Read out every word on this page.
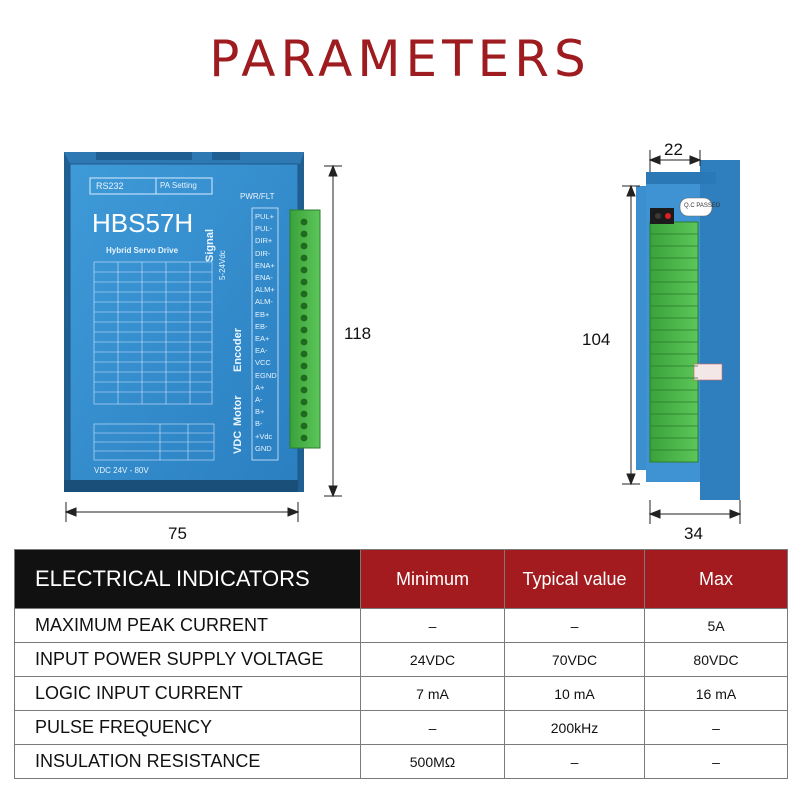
PARAMETERS
RS232	PA Setting
PWR/FLT
HBS57H
Hybrid Servo Drive
VDC 24V - 80V
Signal
5-24Vdc
Encoder
Motor
VDC
Q.C PASSED
PUL+
PUL-
DIR+
DIR-
ENA+
ENA-
ALM+
ALM-
EB+
EB-
EA+
EA-
VCC
EGND
A+
A-
B+
B-
+Vdc
GND
75
118
22
104
34
ELECTRICAL INDICATORS	Minimum	Typical value	Max
MAXIMUM PEAK CURRENT	–	–	5A
INPUT POWER SUPPLY VOLTAGE	24VDC	70VDC	80VDC
LOGIC INPUT CURRENT	7 mA	10 mA	16 mA
PULSE FREQUENCY	–	200kHz	–
INSULATION RESISTANCE	500MΩ	–	–
